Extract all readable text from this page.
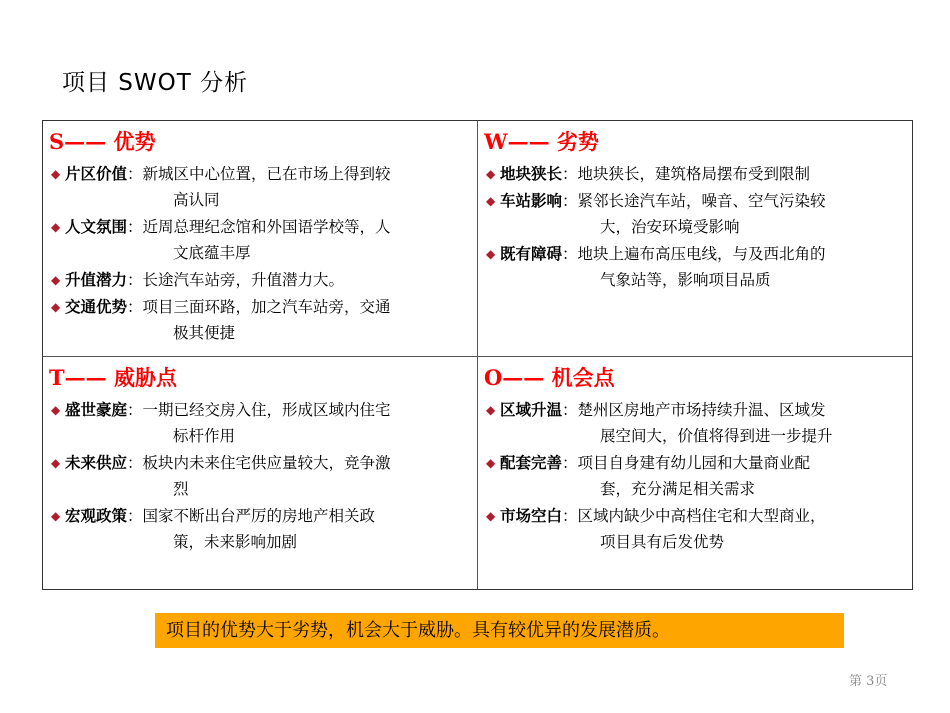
项目 SWOT 分析
S—— 优势
◆ 片区价值：新城区中心位置，已在市场上得到较
高认同
◆ 人文氛围：近周总理纪念馆和外国语学校等，人
文底蕴丰厚
◆ 升值潜力：长途汽车站旁，升值潜力大。
◆ 交通优势：项目三面环路，加之汽车站旁，交通
极其便捷
W—— 劣势
◆ 地块狭长：地块狭长，建筑格局摆布受到限制
◆ 车站影响：紧邻长途汽车站，噪音、空气污染较
大，治安环境受影响
◆ 既有障碍：地块上遍布高压电线，与及西北角的
气象站等，影响项目品质
T—— 威胁点
◆ 盛世豪庭：一期已经交房入住，形成区域内住宅
标杆作用
◆ 未来供应：板块内未来住宅供应量较大，竞争激
烈
◆ 宏观政策：国家不断出台严厉的房地产相关政
策，未来影响加剧
O—— 机会点
◆ 区域升温：楚州区房地产市场持续升温、区域发
展空间大，价值将得到进一步提升
◆ 配套完善：项目自身建有幼儿园和大量商业配
套，充分满足相关需求
◆ 市场空白：区域内缺少中高档住宅和大型商业，
项目具有后发优势
项目的优势大于劣势，机会大于威胁。具有较优异的发展潜质。
第 3页
